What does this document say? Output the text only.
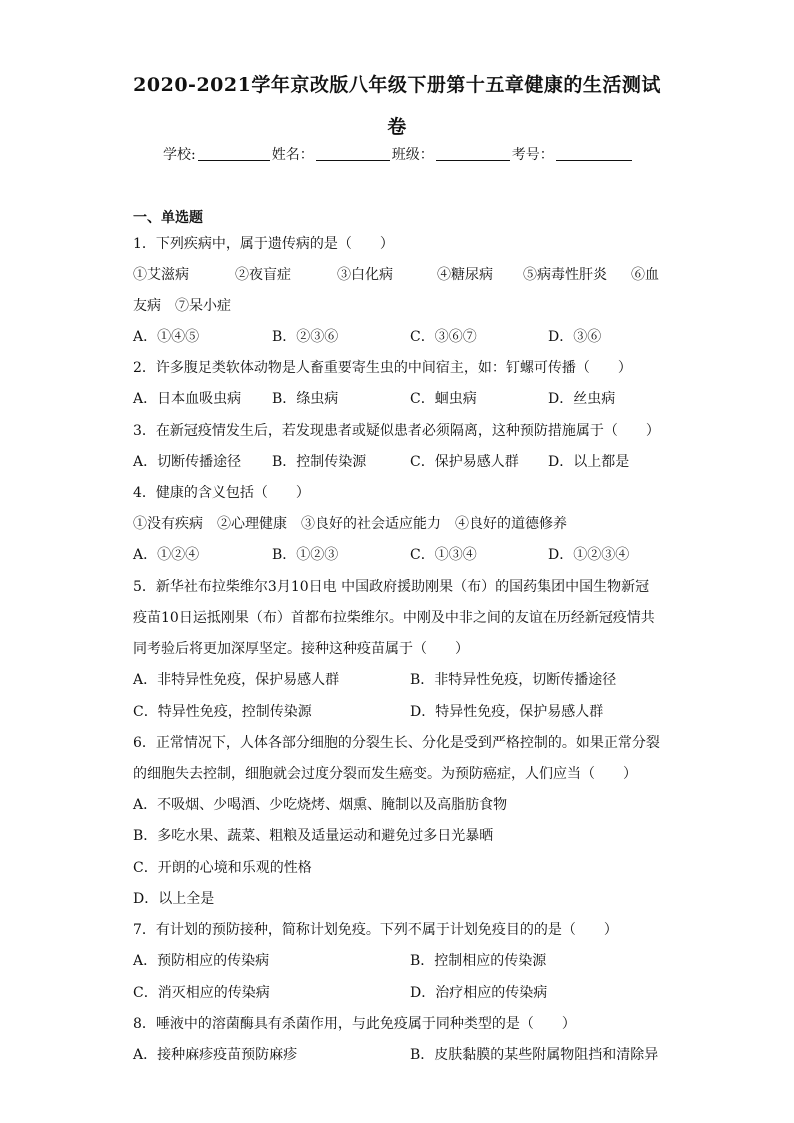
2020-2021学年京改版八年级下册第十五章健康的生活测试
卷
学校:	姓名：	班级：	考号：
一、单选题
1．下列疾病中，属于遗传病的是（　　）
①艾滋病	②夜盲症	③白化病	④糖尿病 ⑤病毒性肝炎 ⑥血
友病　⑦呆小症
A．①④⑤	B．②③⑥	C．③⑥⑦	D．③⑥
2．许多腹足类软体动物是人畜重要寄生虫的中间宿主，如：钉螺可传播（　　）
A．日本血吸虫病 B．绦虫病	C．蛔虫病	D．丝虫病
3．在新冠疫情发生后，若发现患者或疑似患者必须隔离，这种预防措施属于（　　）
A．切断传播途径 B．控制传染源	C．保护易感人群 D．以上都是
4．健康的含义包括（　　）
①没有疾病　②心理健康　③良好的社会适应能力　④良好的道德修养
A．①②④	B．①②③	C．①③④	D．①②③④
5．新华社布拉柴维尔3月10日电 中国政府援助刚果（布）的国药集团中国生物新冠
疫苗10日运抵刚果（布）首都布拉柴维尔。中刚及中非之间的友谊在历经新冠疫情共
同考验后将更加深厚坚定。接种这种疫苗属于（　　）
A．非特异性免疫，保护易感人群	B．非特异性免疫，切断传播途径
C．特异性免疫，控制传染源	D．特异性免疫，保护易感人群
6．正常情况下，人体各部分细胞的分裂生长、分化是受到严格控制的。如果正常分裂
的细胞失去控制，细胞就会过度分裂而发生癌变。为预防癌症，人们应当（　　）
A．不吸烟、少喝酒、少吃烧烤、烟熏、腌制以及高脂肪食物
B．多吃水果、蔬菜、粗粮及适量运动和避免过多日光暴晒
C．开朗的心境和乐观的性格
D．以上全是
7．有计划的预防接种，简称计划免疫。下列不属于计划免疫目的的是（　　）
A．预防相应的传染病	B．控制相应的传染源
C．消灭相应的传染病	D．治疗相应的传染病
8．唾液中的溶菌酶具有杀菌作用，与此免疫属于同种类型的是（　　）
A．接种麻疹疫苗预防麻疹	B．皮肤黏膜的某些附属物阻挡和清除异
